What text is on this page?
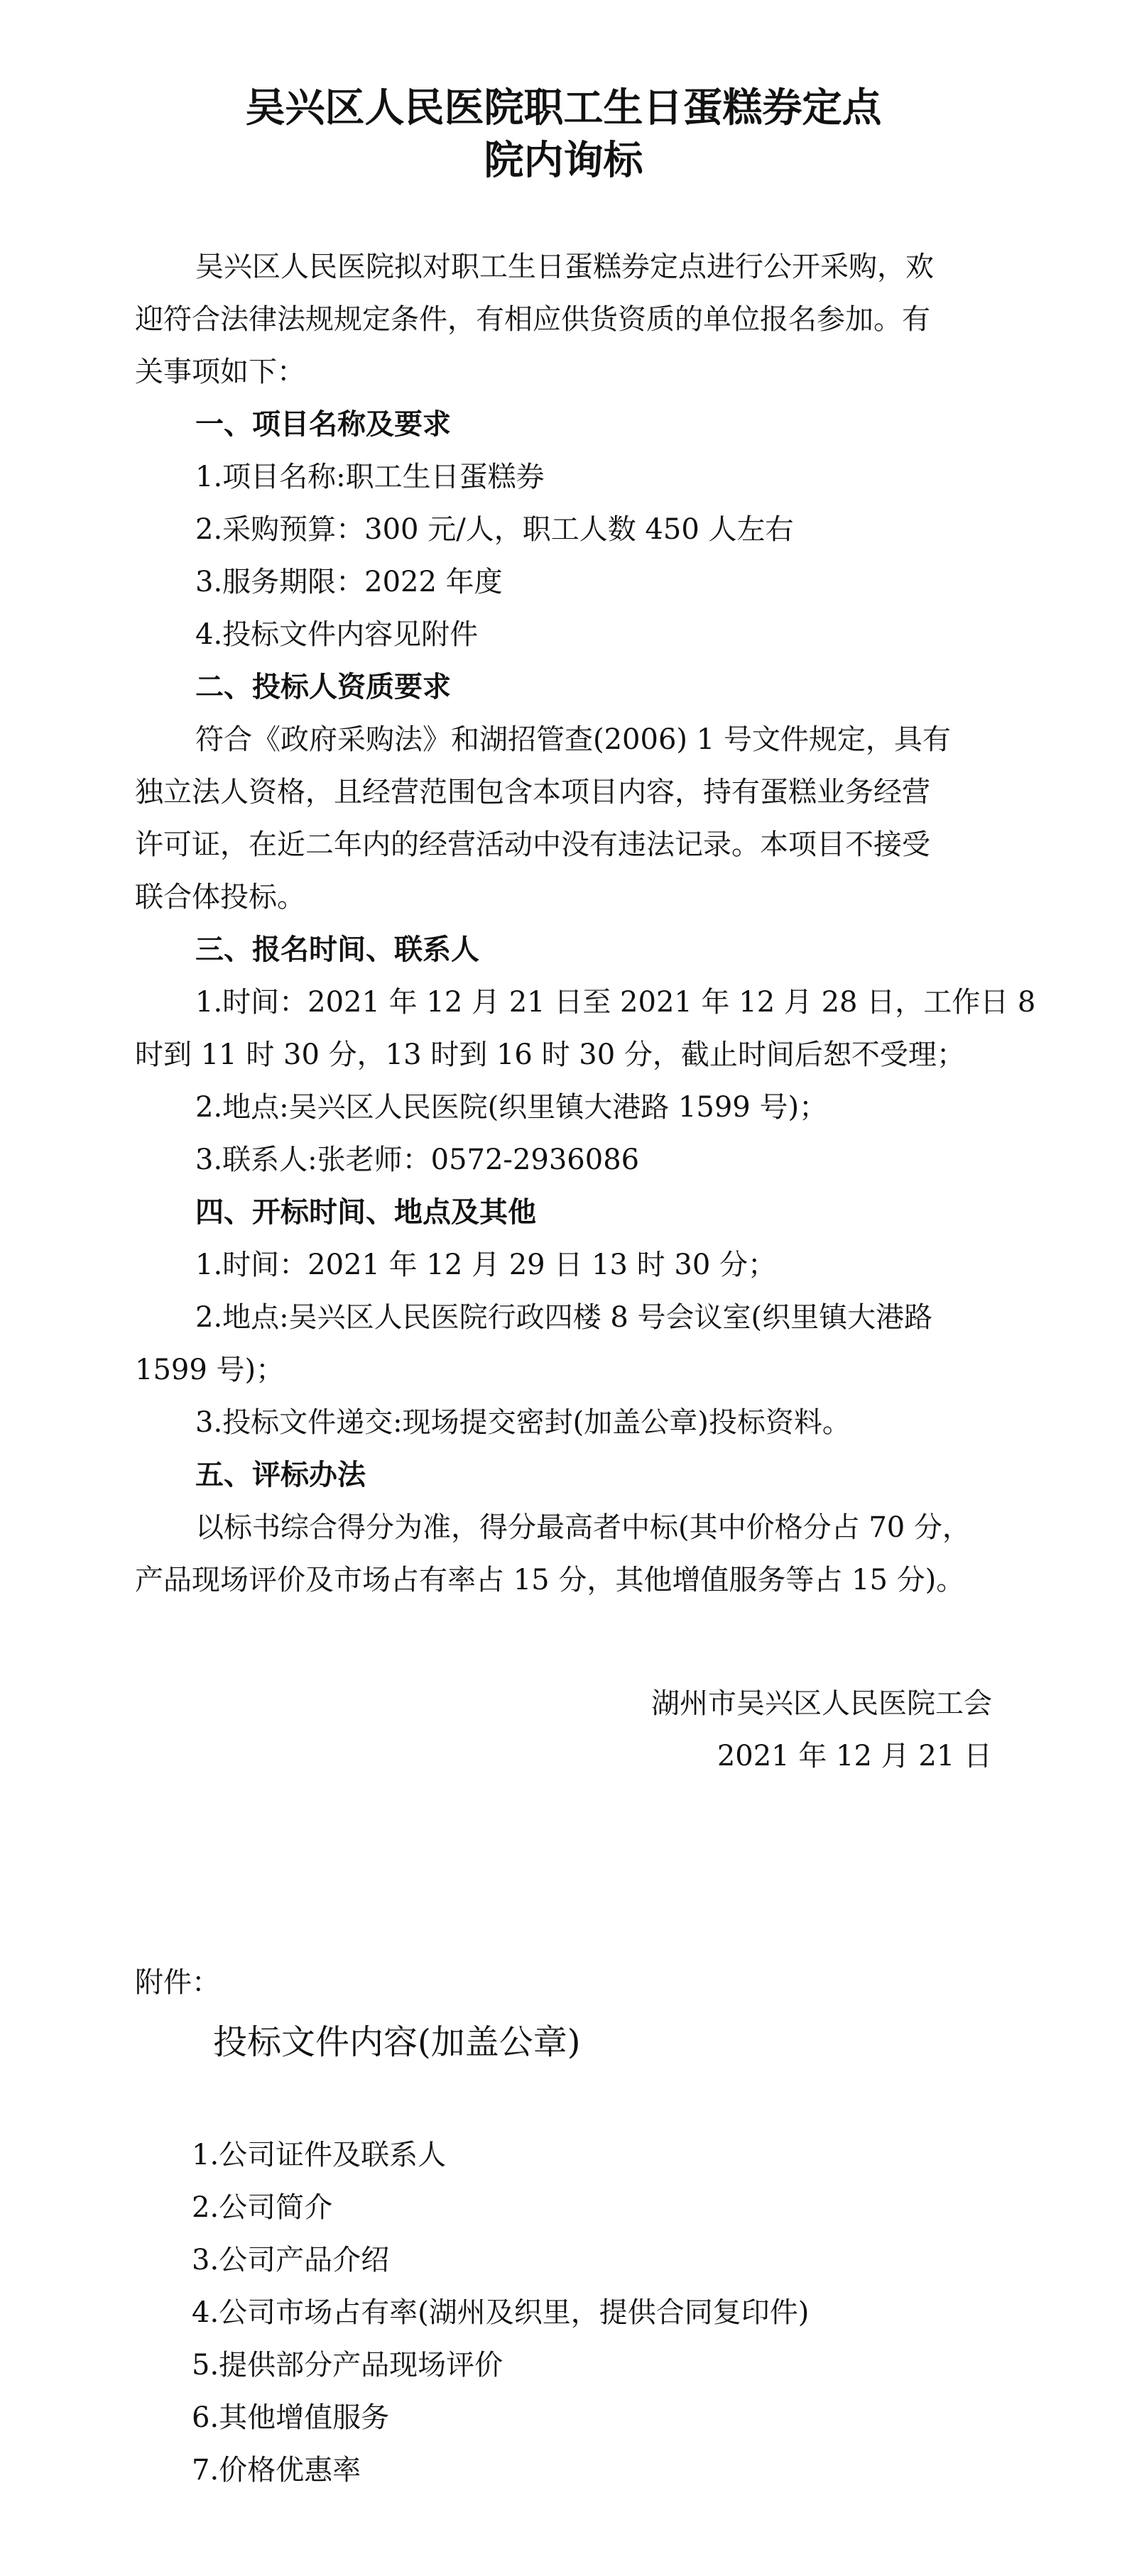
吴兴区人民医院职工生日蛋糕券定点
院内询标

吴兴区人民医院拟对职工生日蛋糕券定点进行公开采购，欢

迎符合法律法规规定条件，有相应供货资质的单位报名参加。有

关事项如下：

一、项目名称及要求

1.项目名称:职工生日蛋糕券

2.采购预算：300 元/人，职工人数 450 人左右

3.服务期限：2022 年度

4.投标文件内容见附件

二、投标人资质要求

符合《政府采购法》和湖招管查(2006) 1 号文件规定，具有

独立法人资格，且经营范围包含本项目内容，持有蛋糕业务经营

许可证，在近二年内的经营活动中没有违法记录。本项目不接受

联合体投标。

三、报名时间、联系人

1.时间：2021 年 12 月 21 日至 2021 年 12 月 28 日，工作日 8

时到 11 时 30 分，13 时到 16 时 30 分，截止时间后恕不受理；

2.地点:吴兴区人民医院(织里镇大港路 1599 号)；

3.联系人:张老师：0572-2936086

四、开标时间、地点及其他

1.时间：2021 年 12 月 29 日 13 时 30 分；

2.地点:吴兴区人民医院行政四楼 8 号会议室(织里镇大港路

1599 号)；

3.投标文件递交:现场提交密封(加盖公章)投标资料。

五、评标办法

以标书综合得分为准，得分最高者中标(其中价格分占 70 分，

产品现场评价及市场占有率占 15 分，其他增值服务等占 15 分)。

湖州市吴兴区人民医院工会
2021 年 12 月 21 日
附件：
投标文件内容(加盖公章)

1.公司证件及联系人

2.公司简介

3.公司产品介绍

4.公司市场占有率(湖州及织里，提供合同复印件)

5.提供部分产品现场评价

6.其他增值服务

7.价格优惠率
